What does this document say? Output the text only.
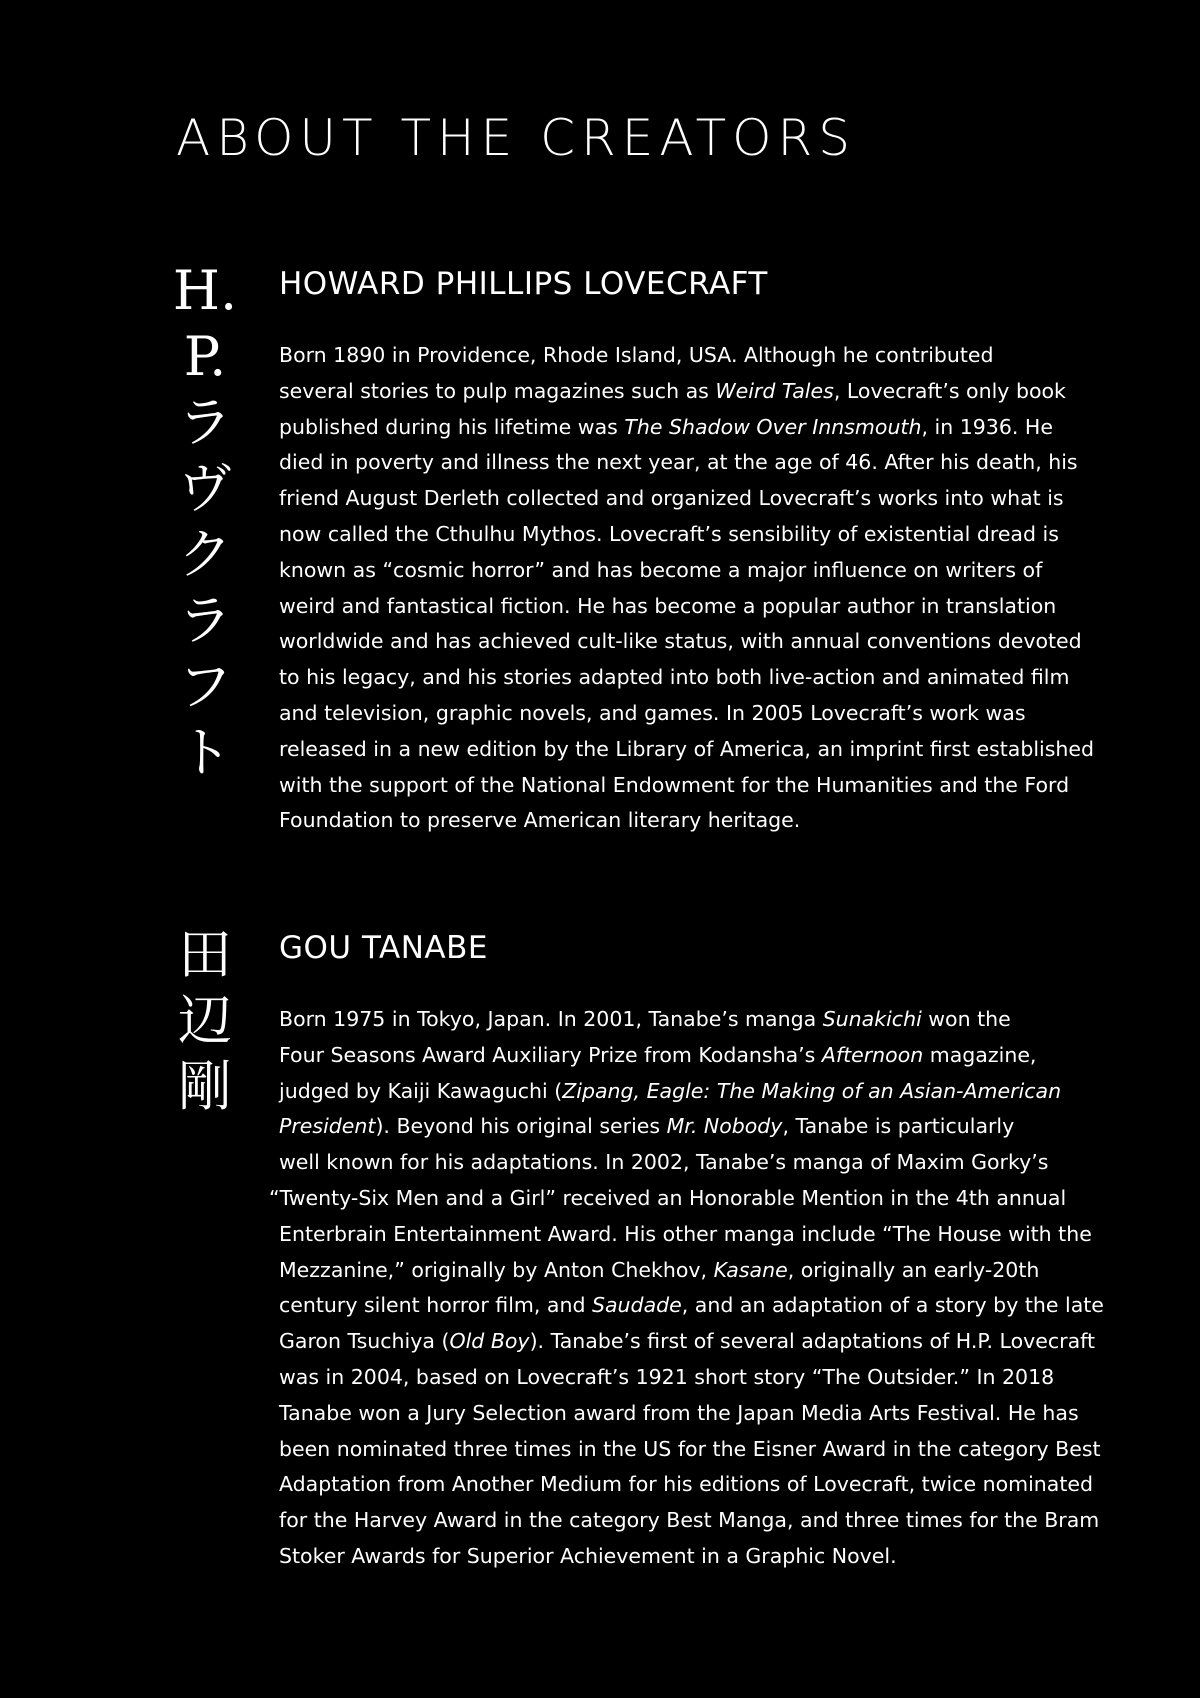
ABOUT THE CREATORS
H.
P.
ラ
ヴ
ク
ラ
フ
ト
HOWARD PHILLIPS LOVECRAFT

Born 1890 in Providence, Rhode Island, USA. Although he contributed
several stories to pulp magazines such as Weird Tales, Lovecraft’s only book
published during his lifetime was The Shadow Over Innsmouth, in 1936. He
died in poverty and illness the next year, at the age of 46. After his death, his
friend August Derleth collected and organized Lovecraft’s works into what is
now called the Cthulhu Mythos. Lovecraft’s sensibility of existential dread is
known as “cosmic horror” and has become a major influence on writers of
weird and fantastical fiction. He has become a popular author in translation
worldwide and has achieved cult-like status, with annual conventions devoted
to his legacy, and his stories adapted into both live-action and animated film
and television, graphic novels, and games. In 2005 Lovecraft’s work was
released in a new edition by the Library of America, an imprint first established
with the support of the National Endowment for the Humanities and the Ford
Foundation to preserve American literary heritage.

田
辺
剛
GOU TANABE

Born 1975 in Tokyo, Japan. In 2001, Tanabe’s manga Sunakichi won the
Four Seasons Award Auxiliary Prize from Kodansha’s Afternoon magazine,
judged by Kaiji Kawaguchi (Zipang, Eagle: The Making of an Asian-American
President). Beyond his original series Mr. Nobody, Tanabe is particularly
well known for his adaptations. In 2002, Tanabe’s manga of Maxim Gorky’s
“Twenty-Six Men and a Girl” received an Honorable Mention in the 4th annual
Enterbrain Entertainment Award. His other manga include “The House with the
Mezzanine,” originally by Anton Chekhov, Kasane, originally an early-20th
century silent horror film, and Saudade, and an adaptation of a story by the late
Garon Tsuchiya (Old Boy). Tanabe’s first of several adaptations of H.P. Lovecraft
was in 2004, based on Lovecraft’s 1921 short story “The Outsider.” In 2018
Tanabe won a Jury Selection award from the Japan Media Arts Festival. He has
been nominated three times in the US for the Eisner Award in the category Best
Adaptation from Another Medium for his editions of Lovecraft, twice nominated
for the Harvey Award in the category Best Manga, and three times for the Bram
Stoker Awards for Superior Achievement in a Graphic Novel.
